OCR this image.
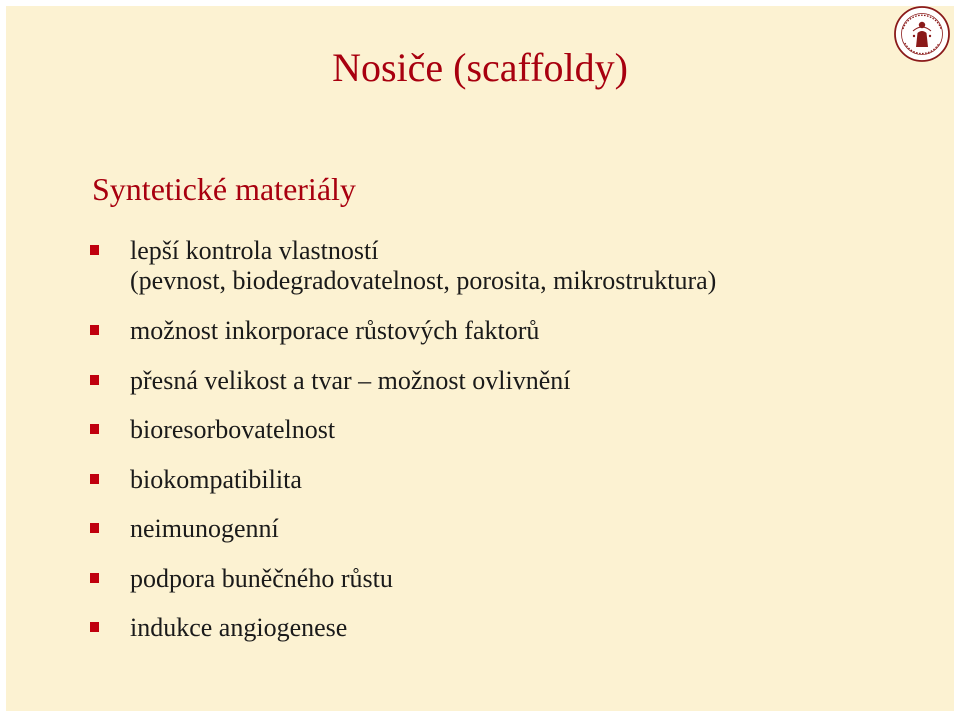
Nosiče (scaffoldy)
Syntetické materiály
lepší kontrola vlastností
(pevnost, biodegradovatelnost, porosita, mikrostruktura)
možnost inkorporace růstových faktorů
přesná velikost a tvar – možnost ovlivnění
bioresorbovatelnost
biokompatibilita
neimunogenní
podpora buněčného růstu
indukce angiogenese
